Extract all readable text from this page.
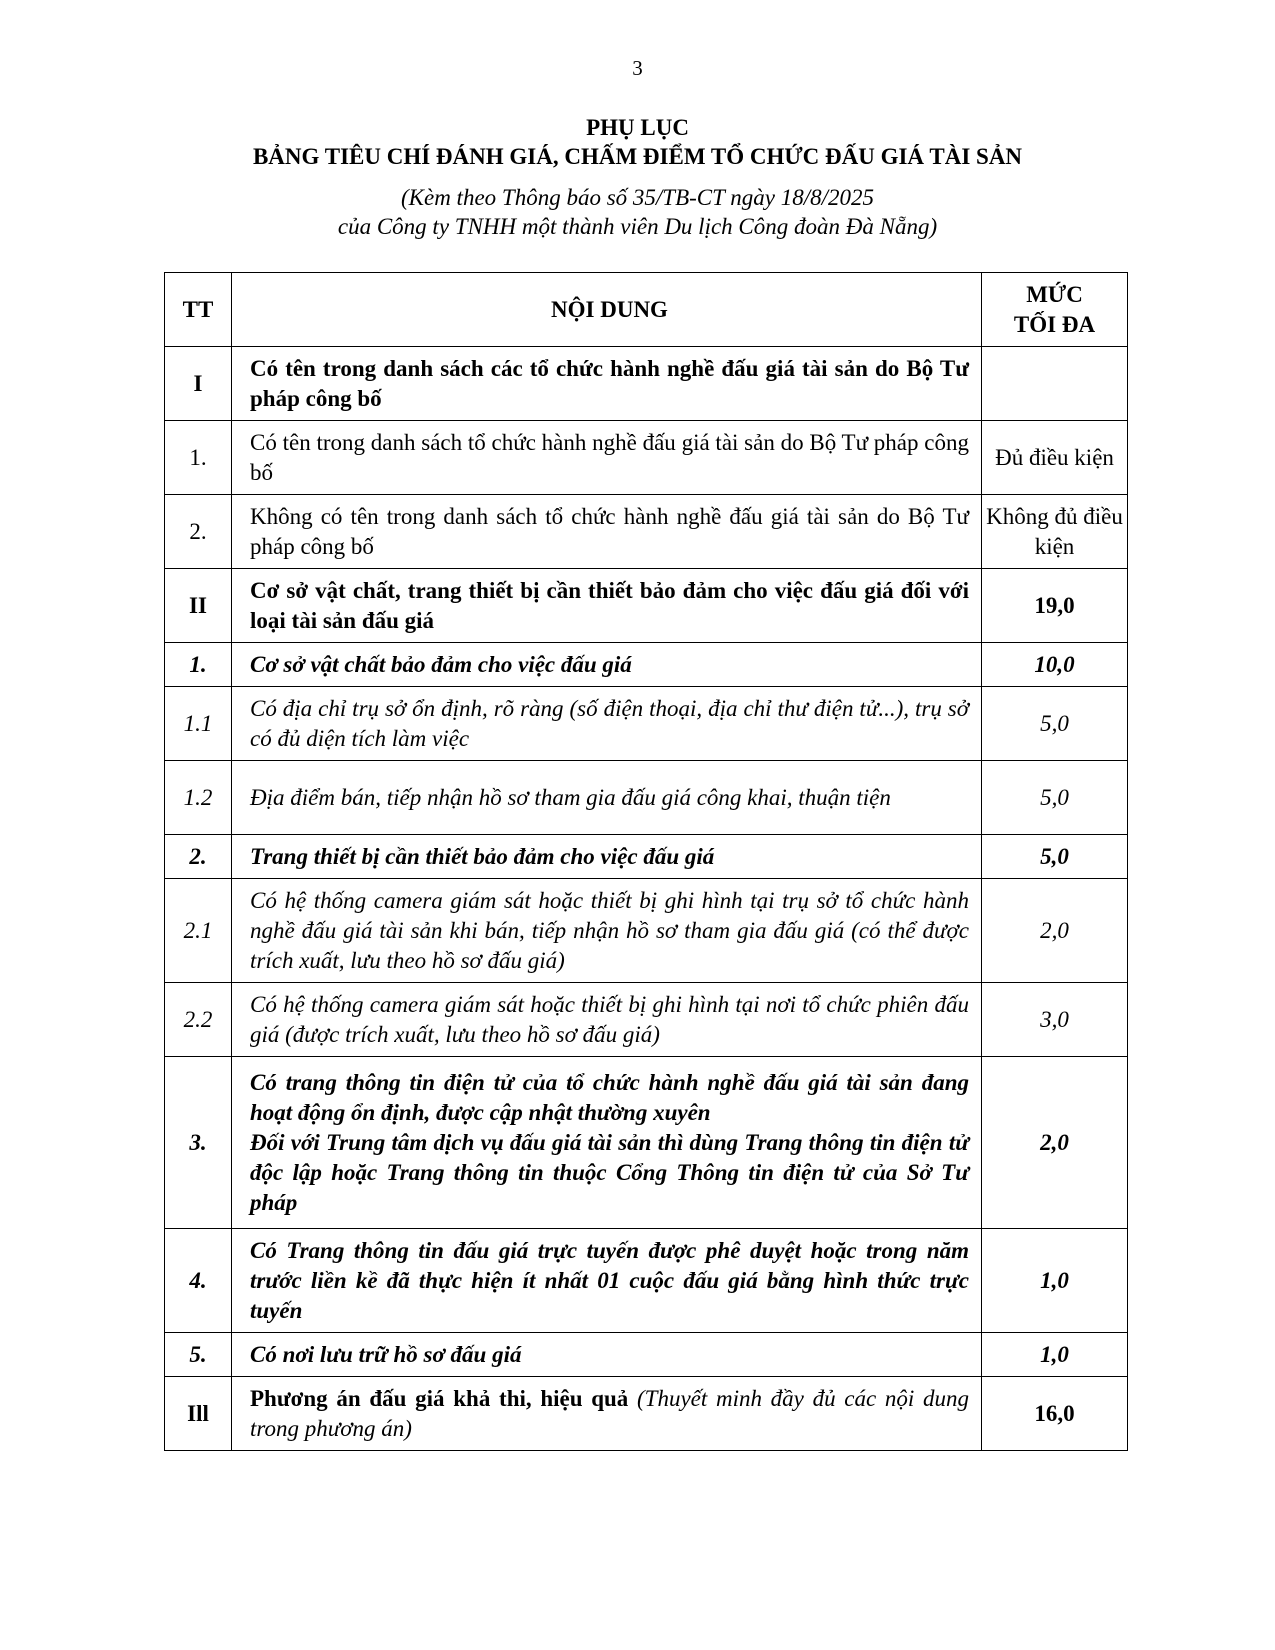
3
PHỤ LỤC
BẢNG TIÊU CHÍ ĐÁNH GIÁ, CHẤM ĐIỂM TỔ CHỨC ĐẤU GIÁ TÀI SẢN
(Kèm theo Thông báo số 35/TB-CT ngày 18/8/2025
của Công ty TNHH một thành viên Du lịch Công đoàn Đà Nẵng)
TT	NỘI DUNG	MỨC
TỐI ĐA

I	Có tên trong danh sách các tổ chức hành nghề đấu giá tài sản do Bộ Tư pháp công bố	
1.	Có tên trong danh sách tổ chức hành nghề đấu giá tài sản do Bộ Tư pháp công bố	Đủ điều kiện
2.	Không có tên trong danh sách tổ chức hành nghề đấu giá tài sản do Bộ Tư pháp công bố	Không đủ điều kiện
II	Cơ sở vật chất, trang thiết bị cần thiết bảo đảm cho việc đấu giá đối với loại tài sản đấu giá	19,0
1.	Cơ sở vật chất bảo đảm cho việc đấu giá	10,0
1.1	Có địa chỉ trụ sở ổn định, rõ ràng (số điện thoại, địa chỉ thư điện tử...), trụ sở có đủ diện tích làm việc	5,0
1.2	Địa điểm bán, tiếp nhận hồ sơ tham gia đấu giá công khai, thuận tiện	5,0
2.	Trang thiết bị cần thiết bảo đảm cho việc đấu giá	5,0
2.1	Có hệ thống camera giám sát hoặc thiết bị ghi hình tại trụ sở tổ chức hành nghề đấu giá tài sản khi bán, tiếp nhận hồ sơ tham gia đấu giá (có thể được trích xuất, lưu theo hồ sơ đấu giá)	2,0
2.2	Có hệ thống camera giám sát hoặc thiết bị ghi hình tại nơi tổ chức phiên đấu giá (được trích xuất, lưu theo hồ sơ đấu giá)	3,0
3.	Có trang thông tin điện tử của tổ chức hành nghề đấu giá tài sản đang hoạt động ổn định, được cập nhật thường xuyên
Đối với Trung tâm dịch vụ đấu giá tài sản thì dùng Trang thông tin điện tử độc lập hoặc Trang thông tin thuộc Cổng Thông tin điện tử của Sở Tư pháp	2,0
4.	Có Trang thông tin đấu giá trực tuyến được phê duyệt hoặc trong năm trước liền kề đã thực hiện ít nhất 01 cuộc đấu giá bằng hình thức trực tuyến	1,0
5.	Có nơi lưu trữ hồ sơ đấu giá	1,0
Ill	Phương án đấu giá khả thi, hiệu quả (Thuyết minh đầy đủ các nội dung trong phương án)	16,0
